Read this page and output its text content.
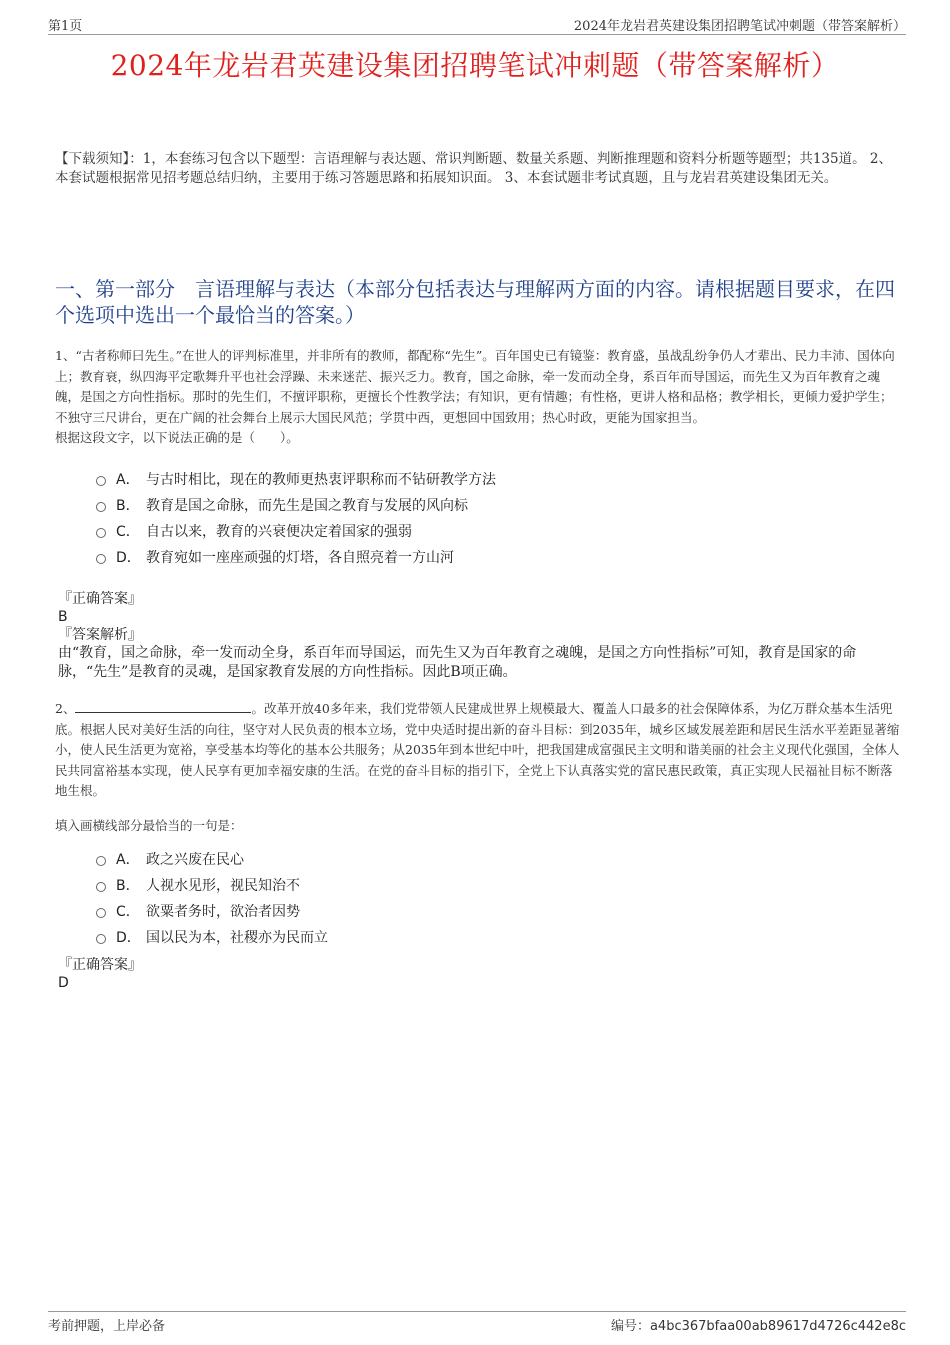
第1页	2024年龙岩君英建设集团招聘笔试冲刺题（带答案解析）
2024年龙岩君英建设集团招聘笔试冲刺题（带答案解析）
【下载须知】：1，本套练习包含以下题型：言语理解与表达题、常识判断题、数量关系题、判断推理题和资料分析题等题型；共135道。 2、本套试题根据常见招考题总结归纳，主要用于练习答题思路和拓展知识面。 3、本套试题非考试真题，且与龙岩君英建设集团无关。
一、第一部分　言语理解与表达（本部分包括表达与理解两方面的内容。请根据题目要求，在四个选项中选出一个最恰当的答案。）
1、“古者称师曰先生。”在世人的评判标准里，并非所有的教师，都配称“先生”。百年国史已有镜鉴：教育盛，虽战乱纷争仍人才辈出、民力丰沛、国体向上；教育衰，纵四海平定歌舞升平也社会浮躁、未来迷茫、振兴乏力。教育，国之命脉，牵一发而动全身，系百年而导国运，而先生又为百年教育之魂魄，是国之方向性指标。那时的先生们，不擅评职称，更擅长个性教学法；有知识，更有情趣；有性格，更讲人格和品格；教学相长，更倾力爱护学生；不独守三尺讲台，更在广阔的社会舞台上展示大国民风范；学贯中西，更想回中国致用；热心时政，更能为国家担当。
根据这段文字，以下说法正确的是（　　）。
A． 与古时相比，现在的教师更热衷评职称而不钻研教学方法
B． 教育是国之命脉，而先生是国之教育与发展的风向标
C． 自古以来，教育的兴衰便决定着国家的强弱
D． 教育宛如一座座顽强的灯塔，各自照亮着一方山河
『正确答案』
B
『答案解析』
由“教育，国之命脉，牵一发而动全身，系百年而导国运，而先生又为百年教育之魂魄，是国之方向性指标”可知，教育是国家的命脉，“先生”是教育的灵魂，是国家教育发展的方向性指标。因此B项正确。
2、	。改革开放40多年来，我们党带领人民建成世界上规模最大、覆盖人口最多的社会保障体系，为亿万群众基本生活兜底。根据人民对美好生活的向往，坚守对人民负责的根本立场，党中央适时提出新的奋斗目标：到2035年，城乡区域发展差距和居民生活水平差距显著缩小，使人民生活更为宽裕，享受基本均等化的基本公共服务；从2035年到本世纪中叶，把我国建成富强民主文明和谐美丽的社会主义现代化强国，全体人民共同富裕基本实现，使人民享有更加幸福安康的生活。在党的奋斗目标的指引下，全党上下认真落实党的富民惠民政策，真正实现人民福祉目标不断落地生根。
填入画横线部分最恰当的一句是：
A． 政之兴废在民心
B． 人视水见形，视民知治不
C． 欲粟者务时，欲治者因势
D． 国以民为本，社稷亦为民而立
『正确答案』
D
考前押题，上岸必备	编号：a4bc367bfaa00ab89617d4726c442e8c
